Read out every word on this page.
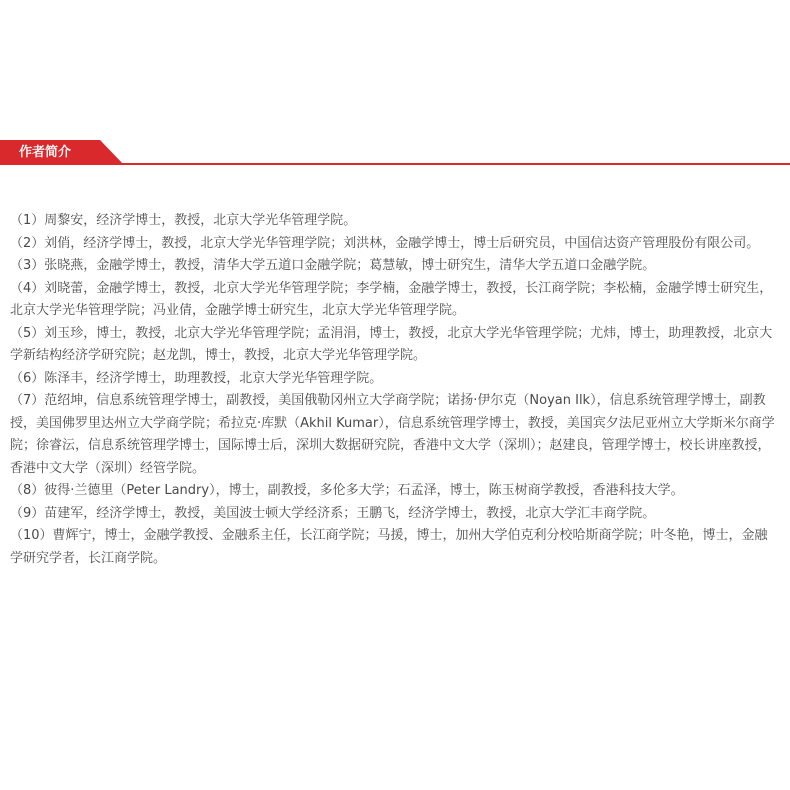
作者简介
（1）周黎安，经济学博士，教授，北京大学光华管理学院。
（2）刘俏，经济学博士，教授，北京大学光华管理学院；刘洪林，金融学博士，博士后研究员，中国信达资产管理股份有限公司。
（3）张晓燕，金融学博士，教授，清华大学五道口金融学院；葛慧敏，博士研究生，清华大学五道口金融学院。
（4）刘晓蕾，金融学博士，教授，北京大学光华管理学院；李学楠，金融学博士，教授，长江商学院；李松楠，金融学博士研究生，北京大学光华管理学院；冯业倩，金融学博士研究生，北京大学光华管理学院。
（5）刘玉珍，博士，教授，北京大学光华管理学院；孟涓涓，博士，教授，北京大学光华管理学院；尤炜，博士，助理教授，北京大学新结构经济学研究院；赵龙凯，博士，教授，北京大学光华管理学院。
（6）陈泽丰，经济学博士，助理教授，北京大学光华管理学院。
（7）范绍坤，信息系统管理学博士，副教授，美国俄勒冈州立大学商学院；诺扬·伊尔克（Noyan Ilk），信息系统管理学博士，副教授，美国佛罗里达州立大学商学院；希拉克·库默（Akhil Kumar），信息系统管理学博士，教授，美国宾夕法尼亚州立大学斯米尔商学院；徐睿沄，信息系统管理学博士，国际博士后，深圳大数据研究院，香港中文大学（深圳）；赵建良，管理学博士，校长讲座教授，香港中文大学（深圳）经管学院。
（8）彼得·兰德里（Peter Landry），博士，副教授，多伦多大学；石孟泽，博士，陈玉树商学教授，香港科技大学。
（9）苗建军，经济学博士，教授，美国波士顿大学经济系；王鹏飞，经济学博士，教授，北京大学汇丰商学院。
（10）曹辉宁，博士，金融学教授、金融系主任，长江商学院；马援，博士，加州大学伯克利分校哈斯商学院；叶冬艳，博士，金融学研究学者，长江商学院。
